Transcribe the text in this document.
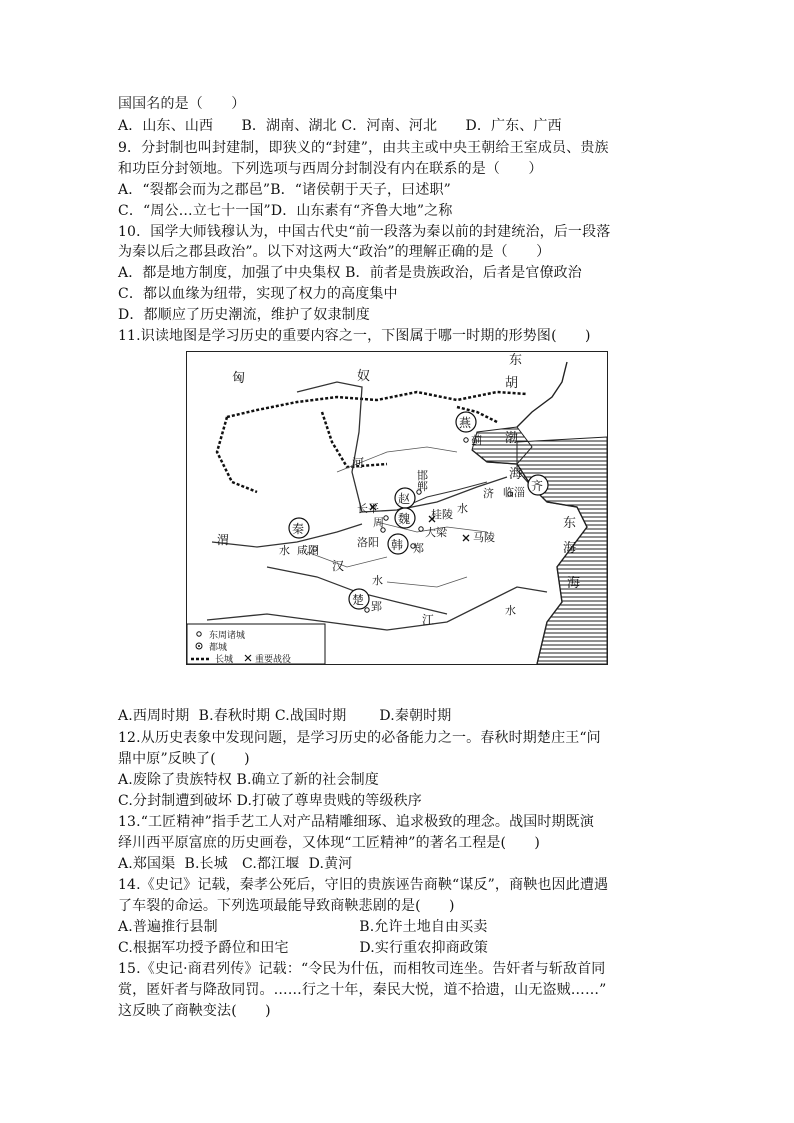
国国名的是（　　）
A．山东、山西　　B．湖南、湖北 C．河南、河北　　D．广东、广西
9．分封制也叫封建制，即狭义的“封建”，由共主或中央王朝给王室成员、贵族
和功臣分封领地。下列选项与西周分封制没有内在联系的是（　　）
A．“裂都会而为之郡邑”B．“诸侯朝于天子，曰述职”
C．“周公…立七十一国”D．山东素有“齐鲁大地”之称
10．国学大师钱穆认为，中国古代史“前一段落为秦以前的封建统治，后一段落
为秦以后之郡县政治”。以下对这两大“政治”的理解正确的是（　　）
A．都是地方制度，加强了中央集权 B．前者是贵族政治，后者是官僚政治
C．都以血缘为纽带，实现了权力的高度集中
D．都顺应了历史潮流，维护了奴隶制度
11.识读地图是学习历史的重要内容之一，下图属于哪一时期的形势图(　　)
匈	奴
东
胡
渤
海
海
东
海
河
水
渭
水
汉
水
江
水
燕
赵
秦
魏
韩
齐
楚
蓟
邯
郸
长平
周
临淄
桂陵
大梁
洛阳	郑
马陵
咸阳
郢
济
东周诸城
都城
长城 重要战役
A.西周时期  B.春秋时期 C.战国时期　　 D.秦朝时期
12.从历史表象中发现问题，是学习历史的必备能力之一。春秋时期楚庄王“问
鼎中原”反映了(　　)
A.废除了贵族特权 B.确立了新的社会制度
C.分封制遭到破坏 D.打破了尊卑贵贱的等级秩序
13.“工匠精神”指手艺工人对产品精雕细琢、追求极致的理念。战国时期既演
绎川西平原富庶的历史画卷，又体现“工匠精神”的著名工程是(　　)
A.郑国渠  B.长城　C.都江堰  D.黄河
14.《史记》记载，秦孝公死后，守旧的贵族诬告商鞅“谋反”，商鞅也因此遭遇
了车裂的命运。下列选项最能导致商鞅悲剧的是(　　)
A.普遍推行县制　　　　　　　　　　B.允许土地自由买卖
C.根据军功授予爵位和田宅　　　　　D.实行重农抑商政策
15.《史记·商君列传》记载：“令民为什伍，而相牧司连坐。告奸者与斩敌首同
赏，匿奸者与降敌同罚。……行之十年，秦民大悦，道不拾遗，山无盗贼……”
这反映了商鞅变法(　　)
